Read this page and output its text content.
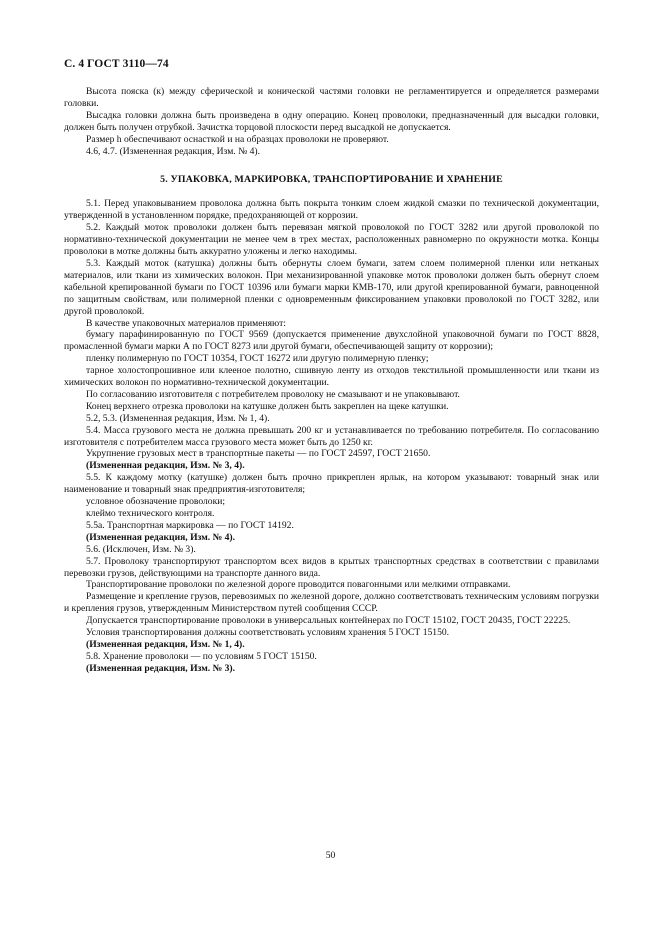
С. 4 ГОСТ 3110—74

Высота пояска (к) между сферической и конической частями головки не регламентируется и определяется размерами головки.

Высадка головки должна быть произведена в одну операцию. Конец проволоки, предназначенный для высадки головки, должен быть получен отрубкой. Зачистка торцовой плоскости перед высадкой не допускается.

Размер h обеспечивают оснасткой и на образцах проволоки не проверяют.

4.6, 4.7. (Измененная редакция, Изм. № 4).

5. УПАКОВКА, МАРКИРОВКА, ТРАНСПОРТИРОВАНИЕ И ХРАНЕНИЕ

5.1. Перед упаковыванием проволока должна быть покрыта тонким слоем жидкой смазки по технической документации, утвержденной в установленном порядке, предохраняющей от коррозии.

5.2. Каждый моток проволоки должен быть перевязан мягкой проволокой по ГОСТ 3282 или другой проволокой по нормативно-технической документации не менее чем в трех местах, расположенных равномерно по окружности мотка. Концы проволоки в мотке должны быть аккуратно уложены и легко находимы.

5.3. Каждый моток (катушка) должны быть обернуты слоем бумаги, затем слоем полимерной пленки или нетканых материалов, или ткани из химических волокон. При механизированной упаковке моток проволоки должен быть обернут слоем кабельной крепированной бумаги по ГОСТ 10396 или бумаги марки КМВ-170, или другой крепированной бумаги, равноценной по защитным свойствам, или полимерной пленки с одновременным фиксированием упаковки проволокой по ГОСТ 3282, или другой проволокой.

В качестве упаковочных материалов применяют:

бумагу парафинированную по ГОСТ 9569 (допускается применение двухслойной упаковочной бумаги по ГОСТ 8828, промасленной бумаги марки А по ГОСТ 8273 или другой бумаги, обеспечивающей защиту от коррозии);

пленку полимерную по ГОСТ 10354, ГОСТ 16272 или другую полимерную пленку;

тарное холостопрошивное или клееное полотно, сшивную ленту из отходов текстильной промышленности или ткани из химических волокон по нормативно-технической документации.

По согласованию изготовителя с потребителем проволоку не смазывают и не упаковывают.

Конец верхнего отрезка проволоки на катушке должен быть закреплен на щеке катушки.

5.2, 5.3. (Измененная редакция, Изм. № 1, 4).

5.4. Масса грузового места не должна превышать 200 кг и устанавливается по требованию потребителя. По согласованию изготовителя с потребителем масса грузового места может быть до 1250 кг.

Укрупнение грузовых мест в транспортные пакеты — по ГОСТ 24597, ГОСТ 21650.

(Измененная редакция, Изм. № 3, 4).

5.5. К каждому мотку (катушке) должен быть прочно прикреплен ярлык, на котором указывают: товарный знак или наименование и товарный знак предприятия-изготовителя;

условное обозначение проволоки;

клеймо технического контроля.

5.5а. Транспортная маркировка — по ГОСТ 14192.

(Измененная редакция, Изм. № 4).

5.6. (Исключен, Изм. № 3).

5.7. Проволоку транспортируют транспортом всех видов в крытых транспортных средствах в соответствии с правилами перевозки грузов, действующими на транспорте данного вида.

Транспортирование проволоки по железной дороге проводится повагонными или мелкими отправками.

Размещение и крепление грузов, перевозимых по железной дороге, должно соответствовать техническим условиям погрузки и крепления грузов, утвержденным Министерством путей сообщения СССР.

Допускается транспортирование проволоки в универсальных контейнерах по ГОСТ 15102, ГОСТ 20435, ГОСТ 22225.

Условия транспортирования должны соответствовать условиям хранения 5 ГОСТ 15150.

(Измененная редакция, Изм. № 1, 4).

5.8. Хранение проволоки — по условиям 5 ГОСТ 15150.

(Измененная редакция, Изм. № 3).

50
